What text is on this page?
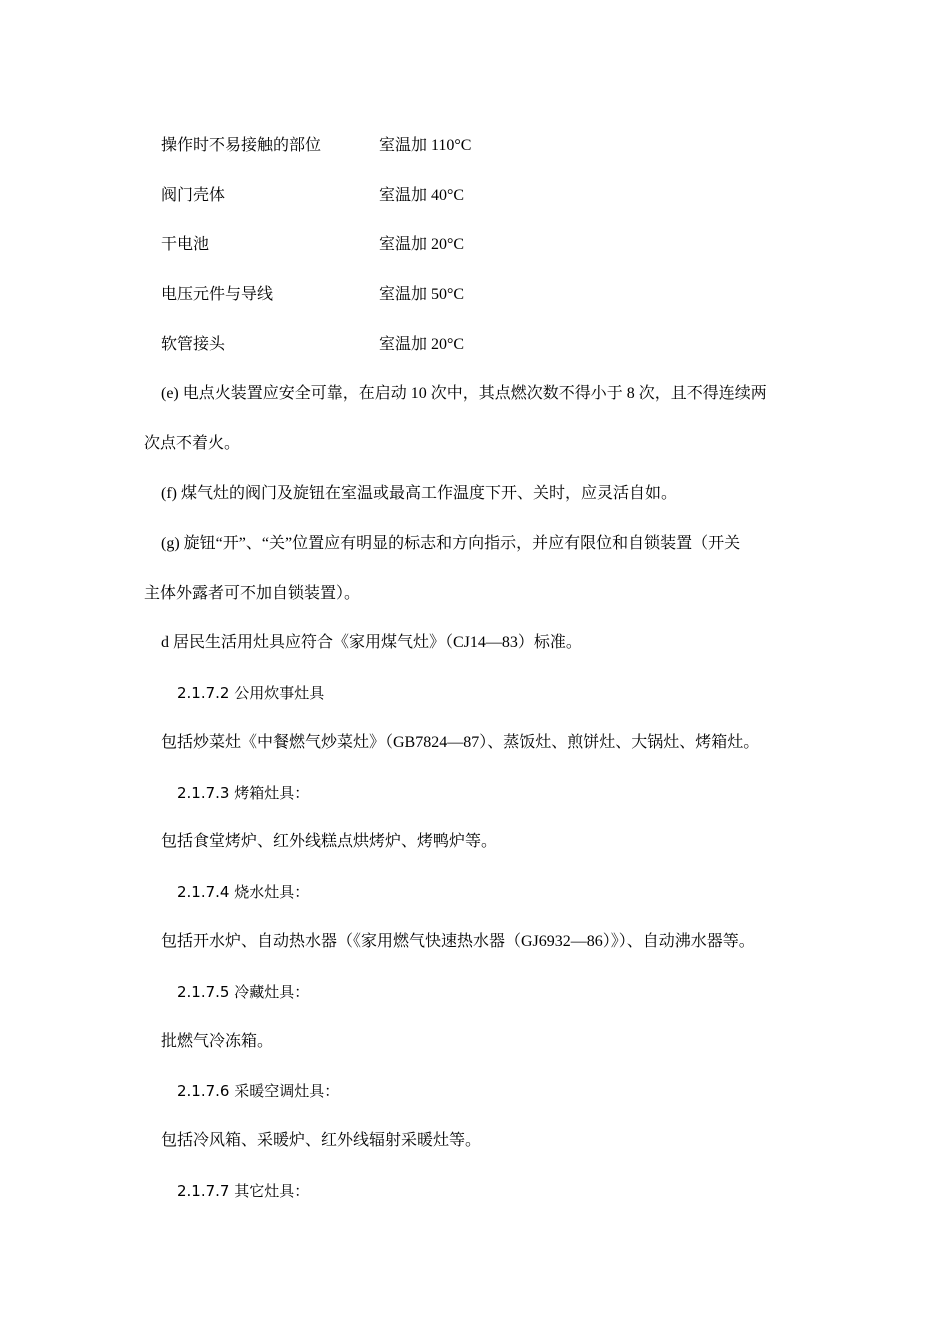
操作时不易接触的部位	室温加 110°C
阀门壳体	室温加 40°C
干电池	室温加 20°C
电压元件与导线	室温加 50°C
软管接头	室温加 20°C
(e) 电点火装置应安全可靠，在启动 10 次中，其点燃次数不得小于 8 次，且不得连续两
次点不着火。
(f) 煤气灶的阀门及旋钮在室温或最高工作温度下开、关时，应灵活自如。
(g) 旋钮“开”、“关”位置应有明显的标志和方向指示，并应有限位和自锁装置（开关
主体外露者可不加自锁装置）。
d 居民生活用灶具应符合《家用煤气灶》（CJ14—83）标准。
2.1.7.2 公用炊事灶具
包括炒菜灶《中餐燃气炒菜灶》（GB7824—87）、蒸饭灶、煎饼灶、大锅灶、烤箱灶。
2.1.7.3 烤箱灶具：
包括食堂烤炉、红外线糕点烘烤炉、烤鸭炉等。
2.1.7.4 烧水灶具：
包括开水炉、自动热水器（《家用燃气快速热水器（GJ6932—86）》）、自动沸水器等。
2.1.7.5 冷藏灶具：
批燃气冷冻箱。
2.1.7.6 采暖空调灶具：
包括冷风箱、采暖炉、红外线辐射采暖灶等。
2.1.7.7 其它灶具：
